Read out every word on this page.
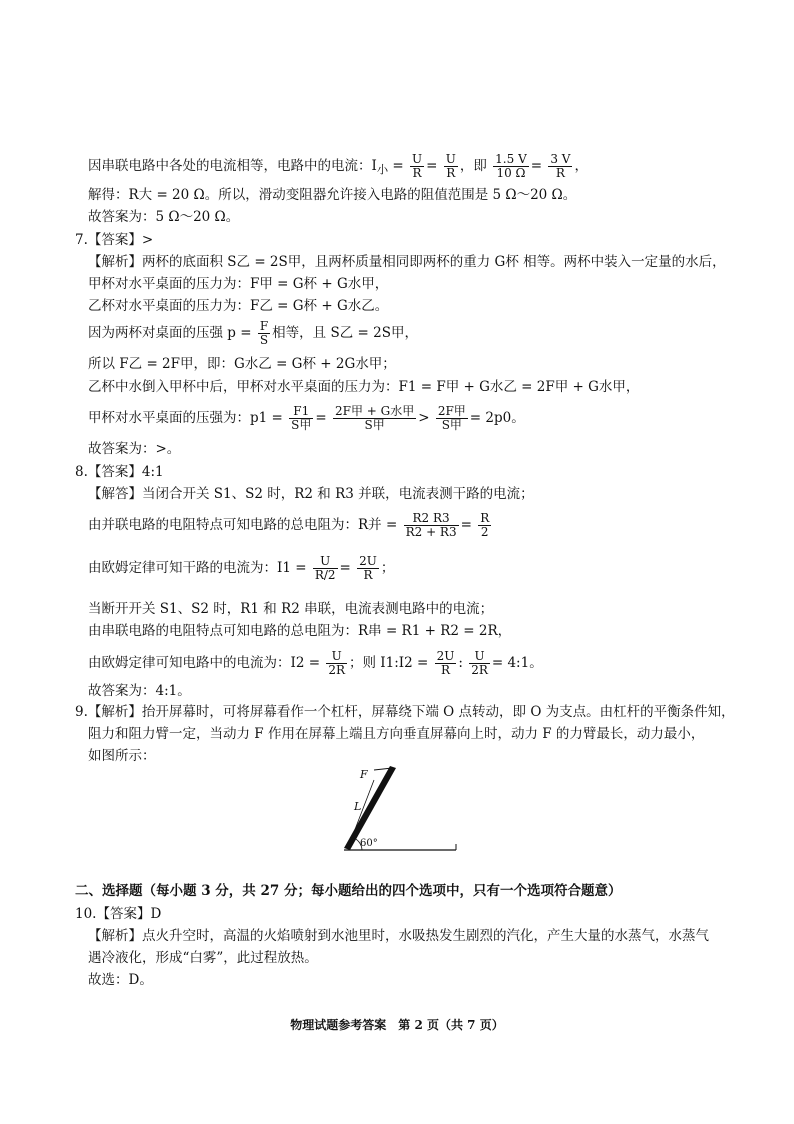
因串联电路中各处的电流相等，电路中的电流：$I_小 = \frac{U}{R} = \frac{U}{R}$ ，即 $\frac{1.5 V}{10 \Omega} = \frac{3 V}{R}$ ，
解得：R大 = 20 Ω。所以，滑动变阻器允许接入电路的阻值范围是 5 Ω～20 Ω。
故答案为：5 Ω～20 Ω。
7.【答案】>
【解析】两杯的底面积 S乙 = 2S甲，且两杯质量相同即两杯的重力 G杯 相等。两杯中装入一定量的水后，
甲杯对水平桌面的压力为：F甲 = G杯 + G水甲，
乙杯对水平桌面的压力为：F乙 = G杯 + G水乙。
因为两杯对桌面的压强 $p = \frac{F}{S}$ 相等，且 S乙 = 2S甲，
所以 F乙 = 2F甲，即：G水乙 = G杯 + 2G水甲；
乙杯中水倒入甲杯中后，甲杯对水平桌面的压力为：F1 = F甲 + G水乙 = 2F甲 + G水甲，
甲杯对水平桌面的压强为：$p1 = \frac{F1}{\text{S甲}} = \frac{\text{2F甲 + G水甲}}{\text{S甲}} > \frac{\text{2F甲}}{\text{S甲}} = 2p0$。
故答案为：>。
8.【答案】4:1
【解答】当闭合开关 S1、S2 时，R2 和 R3 并联，电流表测干路的电流；
由并联电路的电阻特点可知电路的总电阻为：R并 = $\frac{R2 R3}{R2 + R3} = \frac{R}{2}$
由欧姆定律可知干路的电流为：$I1 = \frac{U}{R/2} = \frac{2U}{R}$ ；
当断开开关 S1、S2 时，R1 和 R2 串联，电流表测电路中的电流；
由串联电路的电阻特点可知电路的总电阻为：R串 = R1 + R2 = 2R，
由欧姆定律可知电路中的电流为：$I2 = \frac{U}{2R}$ ；则 I1:I2 = $\frac{2U}{R}$ : $\frac{U}{2R}$ = 4:1。
故答案为：4:1。
9.【解析】抬开屏幕时，可将屏幕看作一个杠杆，屏幕绕下端 O 点转动，即 O 为支点。由杠杆的平衡条件知，
阻力和阻力臂一定，当动力 F 作用在屏幕上端且方向垂直屏幕向上时，动力 F 的力臂最长，动力最小，
如图所示：
F
L
60°
二、选择题（每小题 3 分，共 27 分；每小题给出的四个选项中，只有一个选项符合题意）
10.【答案】D
【解析】点火升空时，高温的火焰喷射到水池里时，水吸热发生剧烈的汽化，产生大量的水蒸气，水蒸气
遇冷液化，形成“白雾”，此过程放热。
故选：D。
物理试题参考答案　第 2 页（共 7 页）
